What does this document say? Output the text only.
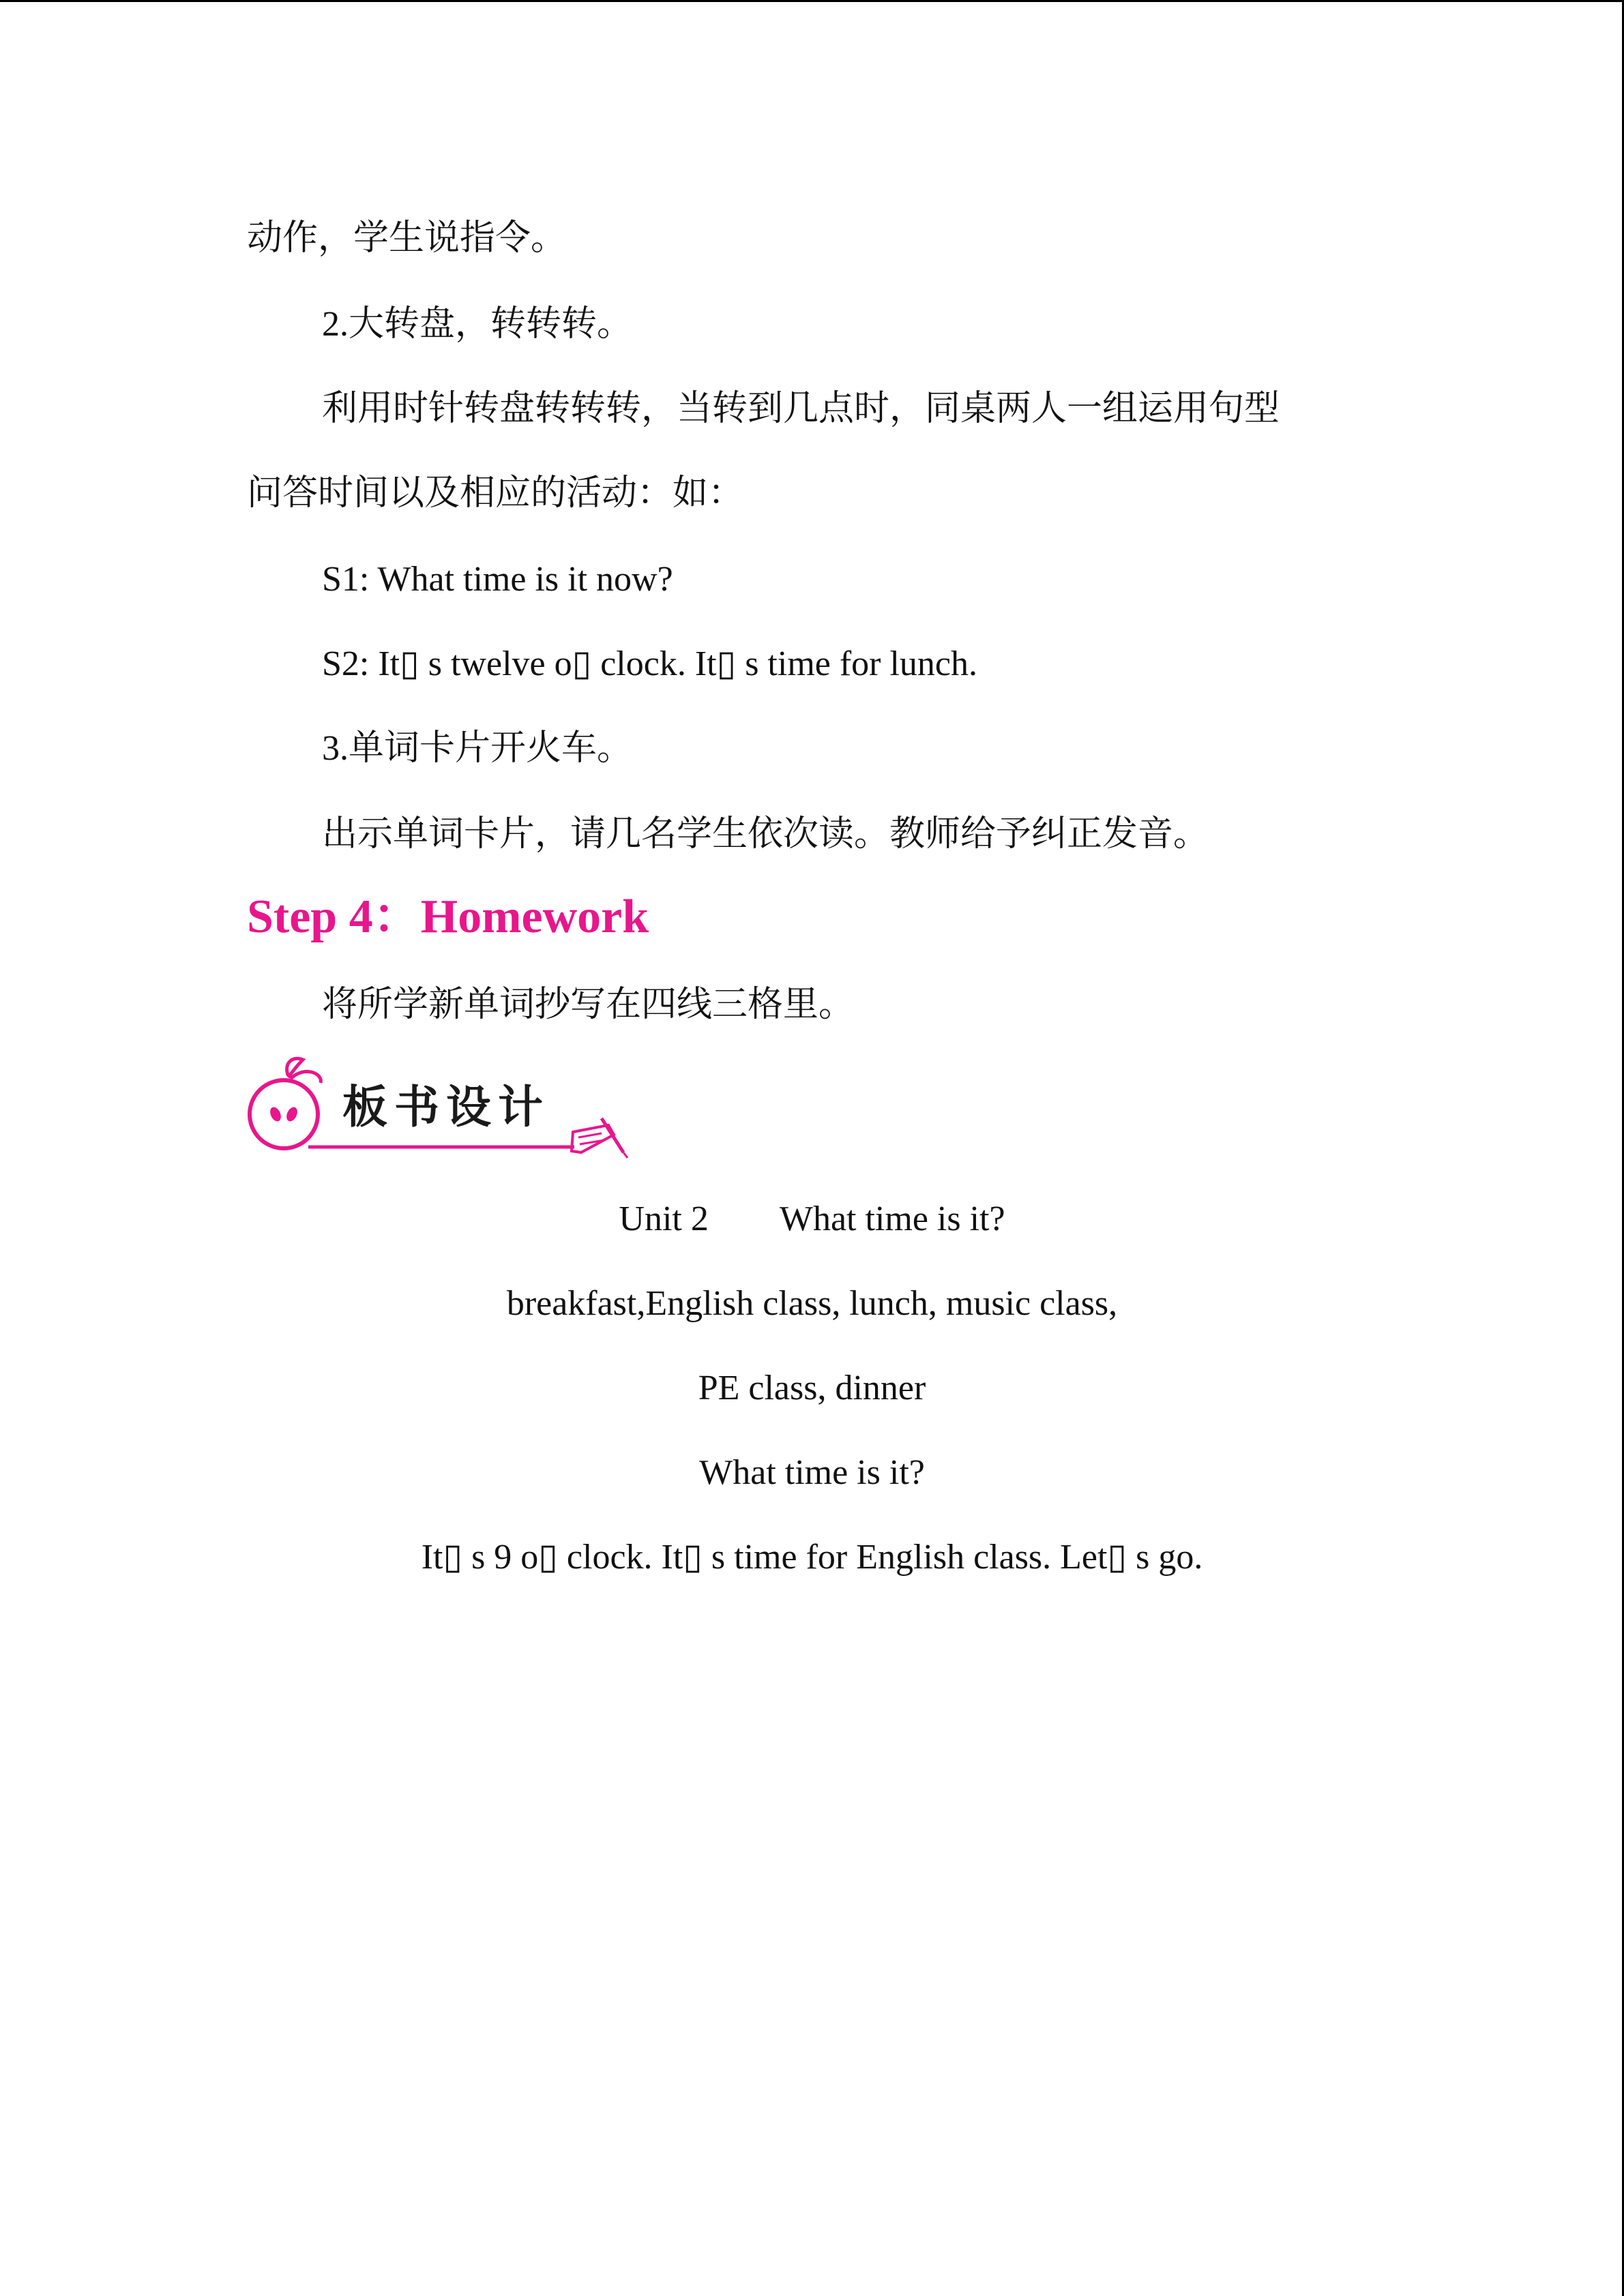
动作，学生说指令。
2.大转盘，转转转。
利用时针转盘转转转，当转到几点时，同桌两人一组运用句型
问答时间以及相应的活动：如：
S1: What time is it now?
S2: It▯ s twelve o▯ clock. It▯ s time for lunch.
3.单词卡片开火车。
出示单词卡片，请几名学生依次读。教师给予纠正发音。
Step 4：Homework
将所学新单词抄写在四线三格里。
板书设计
Unit 2  What time is it?
breakfast,English class, lunch, music class,
PE class, dinner
What time is it?
It▯ s 9 o▯ clock. It▯ s time for English class. Let▯ s go.
